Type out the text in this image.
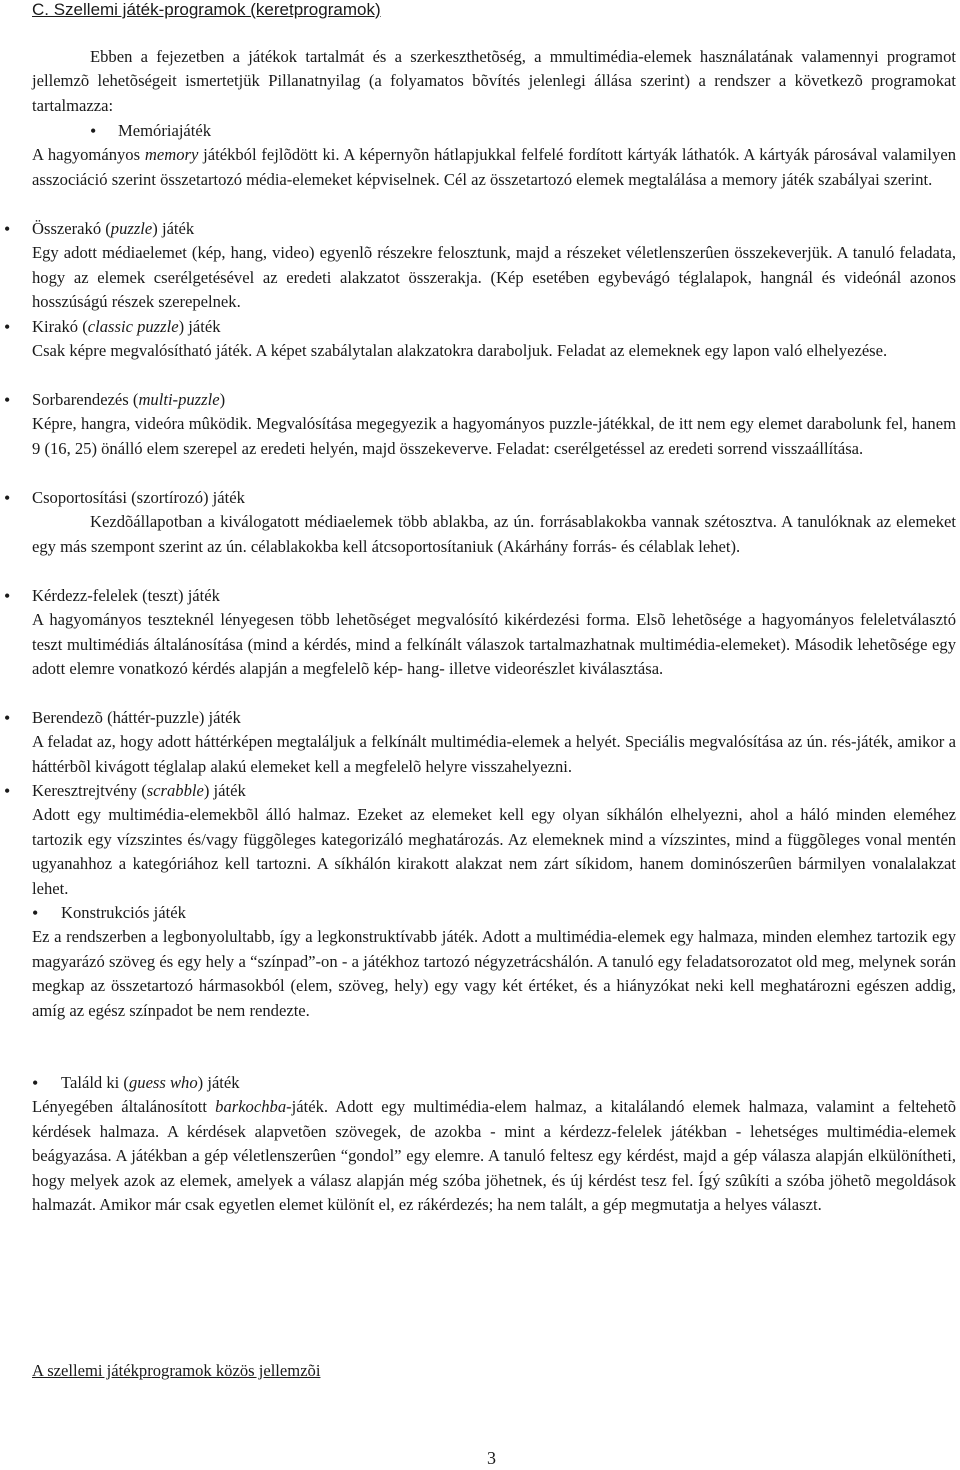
C. Szellemi játék-programok (keretprogramok)

Ebben a fejezetben a játékok tartalmát és a szerkeszthetõség, a mmultimédia-elemek használatának valamennyi programot jellemzõ lehetõségeit ismertetjük Pillanatnyilag (a folyamatos bõvítés jelenlegi állása szerint) a rendszer a következõ programokat tartalmazza:

• Memóriajáték

A hagyományos memory játékból fejlõdött ki. A képernyõn hátlapjukkal felfelé fordított kártyák láthatók. A kártyák párosával valamilyen asszociáció szerint összetartozó média-elemeket képviselnek. Cél az összetartozó elemek megtalálása a memory játék szabályai szerint.

• Összerakó (puzzle) játék

Egy adott médiaelemet (kép, hang, video) egyenlõ részekre felosztunk, majd a részeket véletlenszerûen összekeverjük. A tanuló feladata, hogy az elemek cserélgetésével az eredeti alakzatot összerakja. (Kép esetében egybevágó téglalapok, hangnál és videónál azonos hosszúságú részek szerepelnek.

• Kirakó (classic puzzle) játék

Csak képre megvalósítható játék. A képet szabálytalan alakzatokra daraboljuk. Feladat az elemeknek egy lapon való elhelyezése.

• Sorbarendezés (multi-puzzle)

Képre, hangra, videóra mûködik. Megvalósítása megegyezik a hagyományos puzzle-játékkal, de itt nem egy elemet darabolunk fel, hanem 9 (16, 25) önálló elem szerepel az eredeti helyén, majd összekeverve. Feladat: cserélgetéssel az eredeti sorrend visszaállítása.

• Csoportosítási (szortírozó) játék

Kezdõállapotban a kiválogatott médiaelemek több ablakba, az ún. forrásablakokba vannak szétosztva. A tanulóknak az elemeket egy más szempont szerint az ún. célablakokba kell átcsoportosítaniuk (Akárhány forrás- és célablak lehet).

• Kérdezz-felelek (teszt) játék

A hagyományos teszteknél lényegesen több lehetõséget megvalósító kikérdezési forma. Elsõ lehetõsége a hagyományos feleletválasztó teszt multimédiás általánosítása (mind a kérdés, mind a felkínált válaszok tartalmazhatnak multimédia-elemeket). Második lehetõsége egy adott elemre vonatkozó kérdés alapján a megfelelõ kép- hang- illetve videorészlet kiválasztása.

• Berendezõ (háttér-puzzle) játék

A feladat az, hogy adott háttérképen megtaláljuk a felkínált multimédia-elemek a helyét. Speciális megvalósítása az ún. rés-játék, amikor a háttérbõl kivágott téglalap alakú elemeket kell a megfelelõ helyre visszahelyezni.

• Keresztrejtvény (scrabble) játék

Adott egy multimédia-elemekbõl álló halmaz. Ezeket az elemeket kell egy olyan síkhálón elhelyezni, ahol a háló minden eleméhez tartozik egy vízszintes és/vagy függõleges kategorizáló meghatározás. Az elemeknek mind a vízszintes, mind a függõleges vonal mentén ugyanahhoz a kategóriához kell tartozni. A síkhálón kirakott alakzat nem zárt síkidom, hanem dominószerûen bármilyen vonalalakzat lehet.

• Konstrukciós játék

Ez a rendszerben a legbonyolultabb, így a legkonstruktívabb játék. Adott a multimédia-elemek egy halmaza, minden elemhez tartozik egy magyarázó szöveg és egy hely a “színpad”-on - a játékhoz tartozó négyzetrácshálón. A tanuló egy feladatsorozatot old meg, melynek során megkap az összetartozó hármasokból (elem, szöveg, hely) egy vagy két értéket, és a hiányzókat neki kell meghatározni egészen addig, amíg az egész színpadot be nem rendezte.

• Találd ki (guess who) játék

Lényegében általánosított barkochba-játék. Adott egy multimédia-elem halmaz, a kitalálandó elemek halmaza, valamint a feltehetõ kérdések halmaza. A kérdések alapvetõen szövegek, de azokba - mint a kérdezz-felelek játékban - lehetséges multimédia-elemek beágyazása. A játékban a gép véletlenszerûen “gondol” egy elemre. A tanuló feltesz egy kérdést, majd a gép válasza alapján elkülönítheti, hogy melyek azok az elemek, amelyek a válasz alapján még szóba jöhetnek, és új kérdést tesz fel. Ígý szûkíti a szóba jöhetõ megoldások halmazát. Amikor már csak egyetlen elemet különít el, ez rákérdezés; ha nem talált, a gép megmutatja a helyes választ.

A szellemi játékprogramok közös jellemzõi
3
